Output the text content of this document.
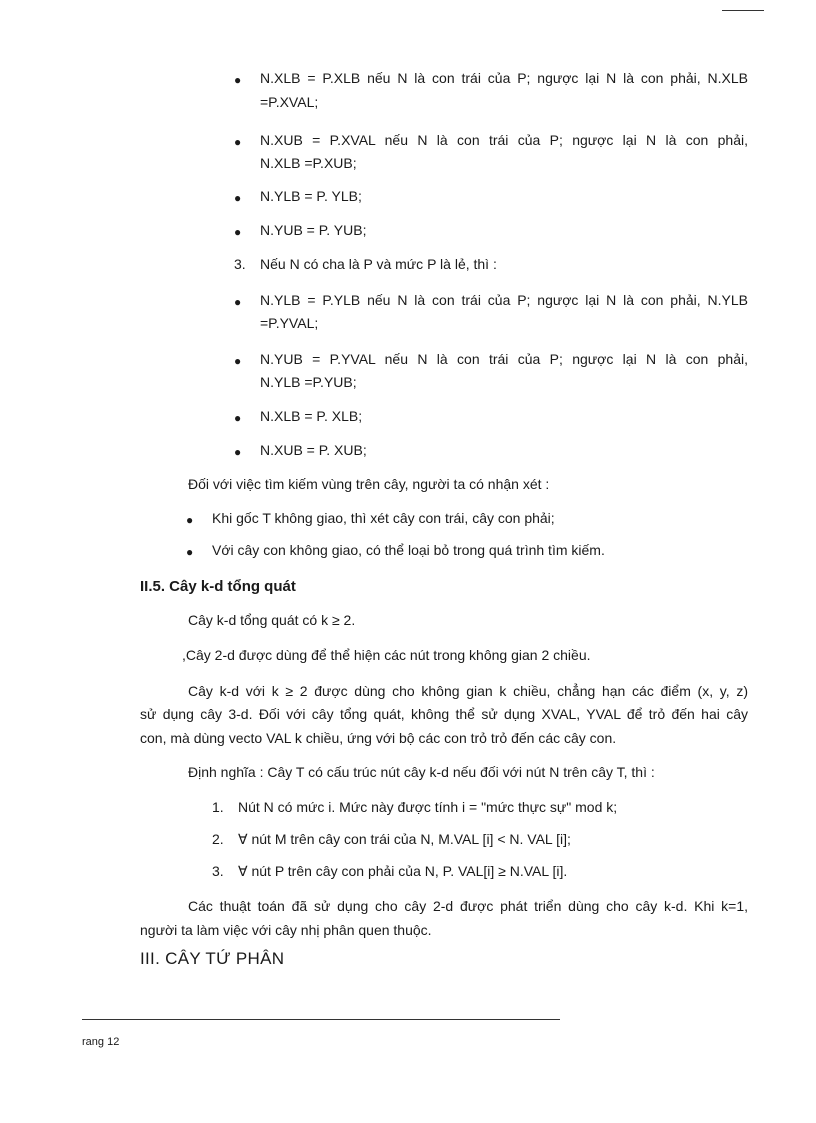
● N.XLB = P.XLB nếu N là con trái của P; ngược lại N là con phải, N.XLB
=P.XVAL;
● N.XUB = P.XVAL nếu N là con trái của P; ngược lại N là con phải,
N.XLB =P.XUB;
● N.YLB = P. YLB;
● N.YUB = P. YUB;
3. Nếu N có cha là P và mức P là lẻ, thì :
● N.YLB = P.YLB nếu N là con trái của P; ngược lại N là con phải, N.YLB
=P.YVAL;
● N.YUB = P.YVAL nếu N là con trái của P; ngược lại N là con phải,
N.YLB =P.YUB;
● N.XLB = P. XLB;
● N.XUB = P. XUB;
Đối với việc tìm kiếm vùng trên cây, người ta có nhận xét :
● Khi gốc T không giao, thì xét cây con trái, cây con phải;
● Với cây con không giao, có thể loại bỏ trong quá trình tìm kiếm.
II.5. Cây k-d tổng quát
Cây k-d tổng quát có k ≥ 2.
,Cây 2-d được dùng để thể hiện các nút trong không gian 2 chiều.
Cây k-d với k ≥ 2 được dùng cho không gian k chiều, chẳng hạn các điểm (x, y, z)
sử dụng cây 3-d. Đối với cây tổng quát, không thể sử dụng XVAL, YVAL để trỏ đến hai cây
con, mà dùng vecto VAL k chiều, ứng với bộ các con trỏ trỏ đến các cây con.
Định nghĩa : Cây T có cấu trúc nút cây k-d nếu đối với nút N trên cây T, thì :
1. Nút N có mức i. Mức này được tính i = "mức thực sự" mod k;
2. ∀ nút M trên cây con trái của N, M.VAL [i] < N. VAL [i];
3. ∀ nút P trên cây con phải của N, P. VAL[i] ≥ N.VAL [i].
Các thuật toán đã sử dụng cho cây 2-d được phát triển dùng cho cây k-d. Khi k=1,
người ta làm việc với cây nhị phân quen thuộc.
III. CÂY TỨ PHÂN
rang 12
